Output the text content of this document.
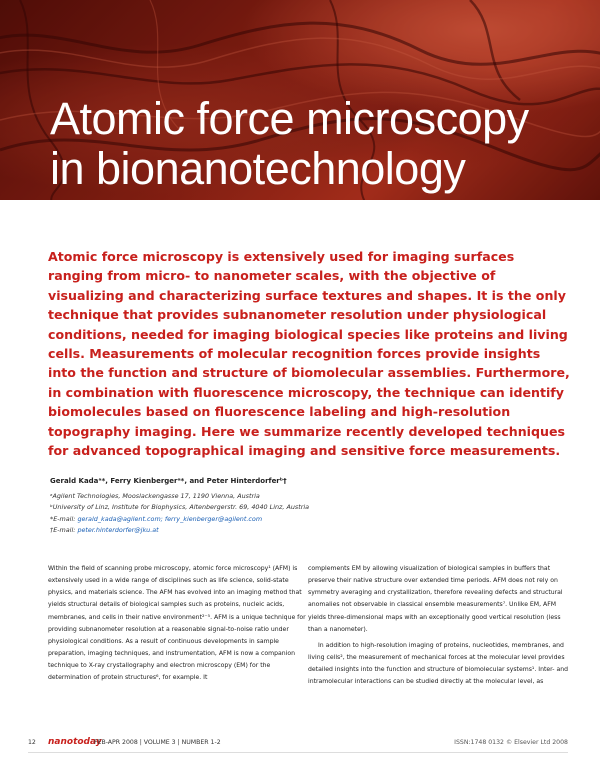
Atomic force microscopy
in bionanotechnology

Atomic force microscopy is extensively used for imaging surfaces ranging from micro- to nanometer scales, with the objective of visualizing and characterizing surface textures and shapes. It is the only technique that provides subnanometer resolution under physiological conditions, needed for imaging biological species like proteins and living cells. Measurements of molecular recognition forces provide insights into the function and structure of biomolecular assemblies. Furthermore, in combination with fluorescence microscopy, the technique can identify biomolecules based on fluorescence labeling and high-resolution topography imaging. Here we summarize recently developed techniques for advanced topographical imaging and sensitive force measurements.

Gerald Kadaᵃ*, Ferry Kienbergerᵃ*, and Peter Hinterdorferᵇ†
ᵃAgilent Technologies, Mooslackengasse 17, 1190 Vienna, Austria
ᵇUniversity of Linz, Institute for Biophysics, Altenbergerstr. 69, 4040 Linz, Austria
*E-mail: gerald_kada@agilent.com; ferry_kienberger@agilent.com
†E-mail: peter.hinterdorfer@jku.at

Within the field of scanning probe microscopy, atomic force microscopy¹ (AFM) is extensively used in a wide range of disciplines such as life science, solid-state physics, and materials science. The AFM has evolved into an imaging method that yields structural details of biological samples such as proteins, nucleic acids, membranes, and cells in their native environment²⁻⁵. AFM is a unique technique for providing subnanometer resolution at a reasonable signal-to-noise ratio under physiological conditions. As a result of continuous developments in sample preparation, imaging techniques, and instrumentation, AFM is now a companion technique to X-ray crystallography and electron microscopy (EM) for the determination of protein structures⁶, for example. It

complements EM by allowing visualization of biological samples in buffers that preserve their native structure over extended time periods. AFM does not rely on symmetry averaging and crystallization, therefore revealing defects and structural anomalies not observable in classical ensemble measurements⁷. Unlike EM, AFM yields three-dimensional maps with an exceptionally good vertical resolution (less than a nanometer).

In addition to high-resolution imaging of proteins, nucleotides, membranes, and living cells², the measurement of mechanical forces at the molecular level provides detailed insights into the function and structure of biomolecular systems¹. Inter- and intramolecular interactions can be studied directly at the molecular level, as

12 nanotoday
FEB-APR 2008 | VOLUME 3 | NUMBER 1-2	ISSN:1748 0132 © Elsevier Ltd 2008
